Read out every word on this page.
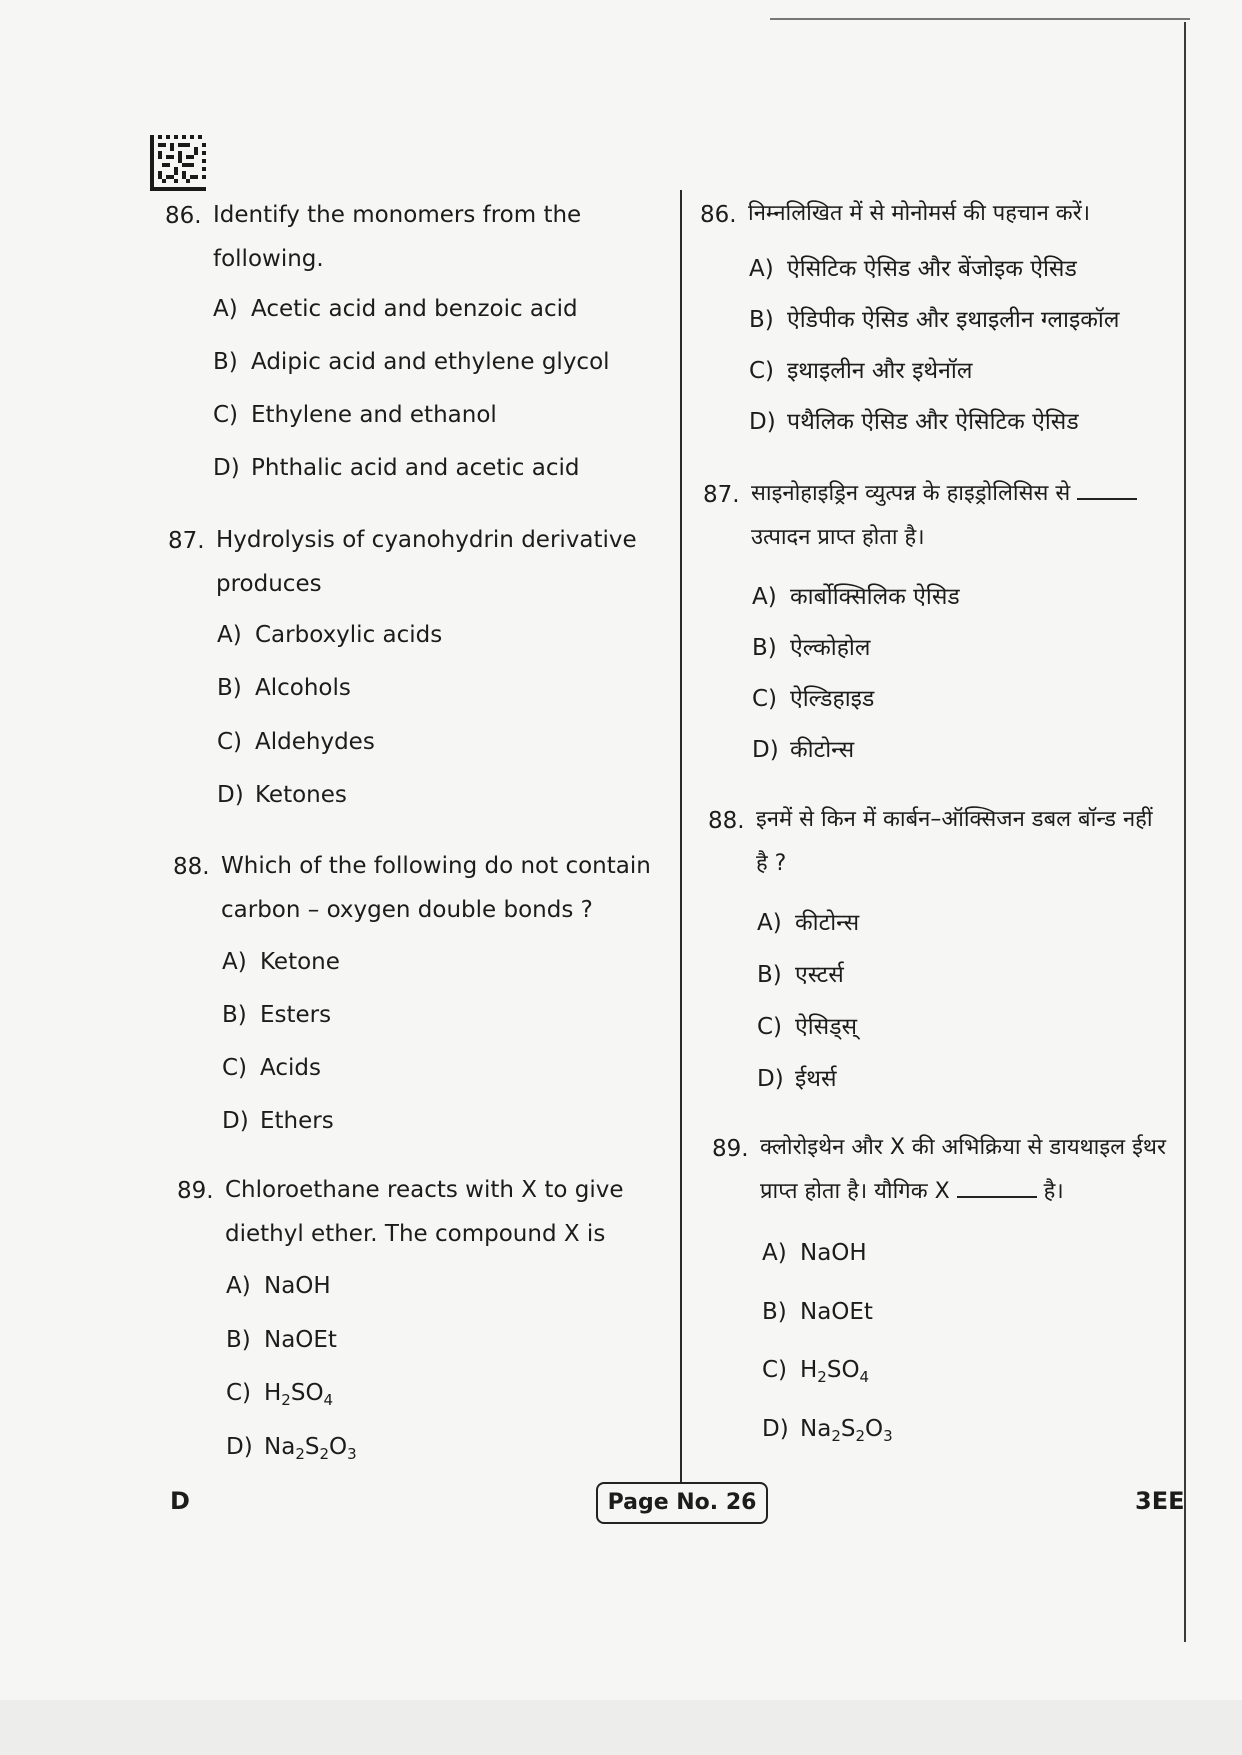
86. Identify the monomers from the following.
A) Acetic acid and benzoic acid
B) Adipic acid and ethylene glycol
C) Ethylene and ethanol
D) Phthalic acid and acetic acid
87. Hydrolysis of cyanohydrin derivative produces
A) Carboxylic acids
B) Alcohols
C) Aldehydes
D) Ketones
88. Which of the following do not contain carbon – oxygen double bonds ?
A) Ketone
B) Esters
C) Acids
D) Ethers
89. Chloroethane reacts with X to give diethyl ether. The compound X is
A) NaOH
B) NaOEt
C) $H_2SO_4$
D) $Na_2S_2O_3$
86. निम्नलिखित में से मोनोमर्स की पहचान करें।
A) ऐसिटिक ऐसिड और बेंजोइक ऐसिड
B) ऐडिपीक ऐसिड और इथाइलीन ग्लाइकॉल
C) इथाइलीन और इथेनॉल
D) पथैलिक ऐसिड और ऐसिटिक ऐसिड
87. साइनोहाइड्रिन व्युत्पन्न के हाइड्रोलिसिस से  उत्पादन प्राप्त होता है।
A) कार्बोक्सिलिक ऐसिड
B) ऐल्कोहोल
C) ऐल्डिहाइड
D) कीटोन्स
88. इनमें से किन में कार्बन–ऑक्सिजन डबल बॉन्ड नहीं है ?
A) कीटोन्स
B) एस्टर्स
C) ऐसिड्स्
D) ईथर्स
89. क्लोरोइथेन और X की अभिक्रिया से डायथाइल ईथर प्राप्त होता है। यौगिक X	है।
A) NaOH
B) NaOEt
C) $H_2SO_4$
D) $Na_2S_2O_3$
D	Page No. 26	3EE
